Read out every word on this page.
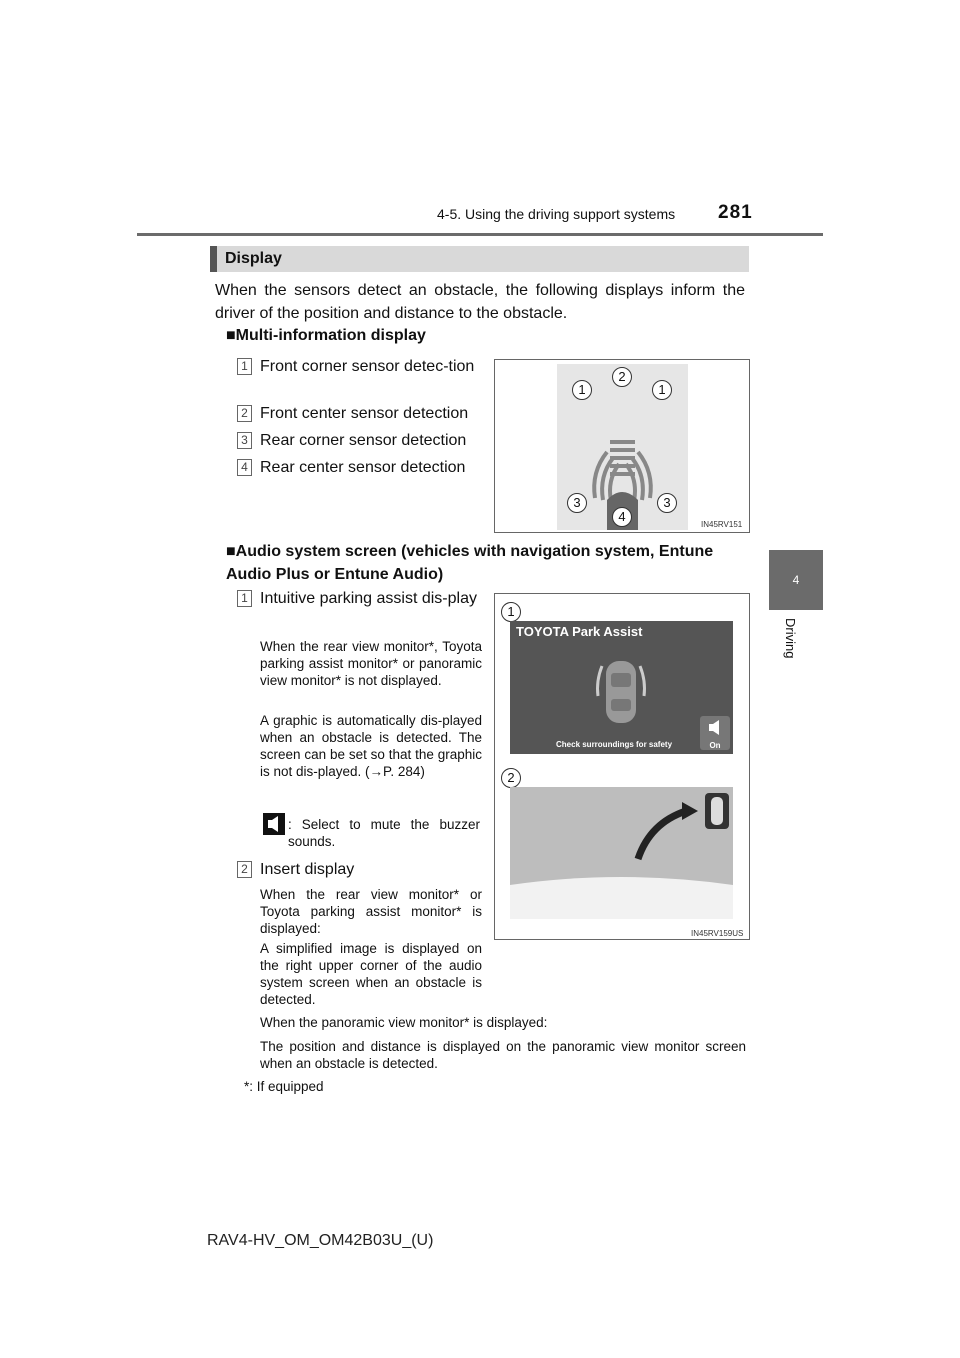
4-5. Using the driving support systems 281
4
Driving
Display
When the sensors detect an obstacle, the following displays inform the driver of the position and distance to the obstacle.
■Multi-information display
1 Front corner sensor detec-tion
2 Front center sensor detection
3 Rear corner sensor detection
4 Rear center sensor detection
1
2
1
3	3
4
IN45RV151
■Audio system screen (vehicles with navigation system, Entune Audio Plus or Entune Audio)
1 Intuitive parking assist dis-play
When the rear view monitor*, Toyota parking assist monitor* or panoramic view monitor* is not displayed.
A graphic is automatically dis-played when an obstacle is detected. The screen can be set so that the graphic is not dis-played. (→P. 284)
: Select to mute the buzzer sounds.
2 Insert display
When the rear view monitor* or Toyota parking assist monitor* is displayed:
A simplified image is displayed on the right upper corner of the audio system screen when an obstacle is detected.
When the panoramic view monitor* is displayed:
The position and distance is displayed on the panoramic view monitor screen when an obstacle is detected.
*: If equipped
1
TOYOTA Park Assist
On
Check surroundings for safety
2
IN45RV159US
RAV4-HV_OM_OM42B03U_(U)
